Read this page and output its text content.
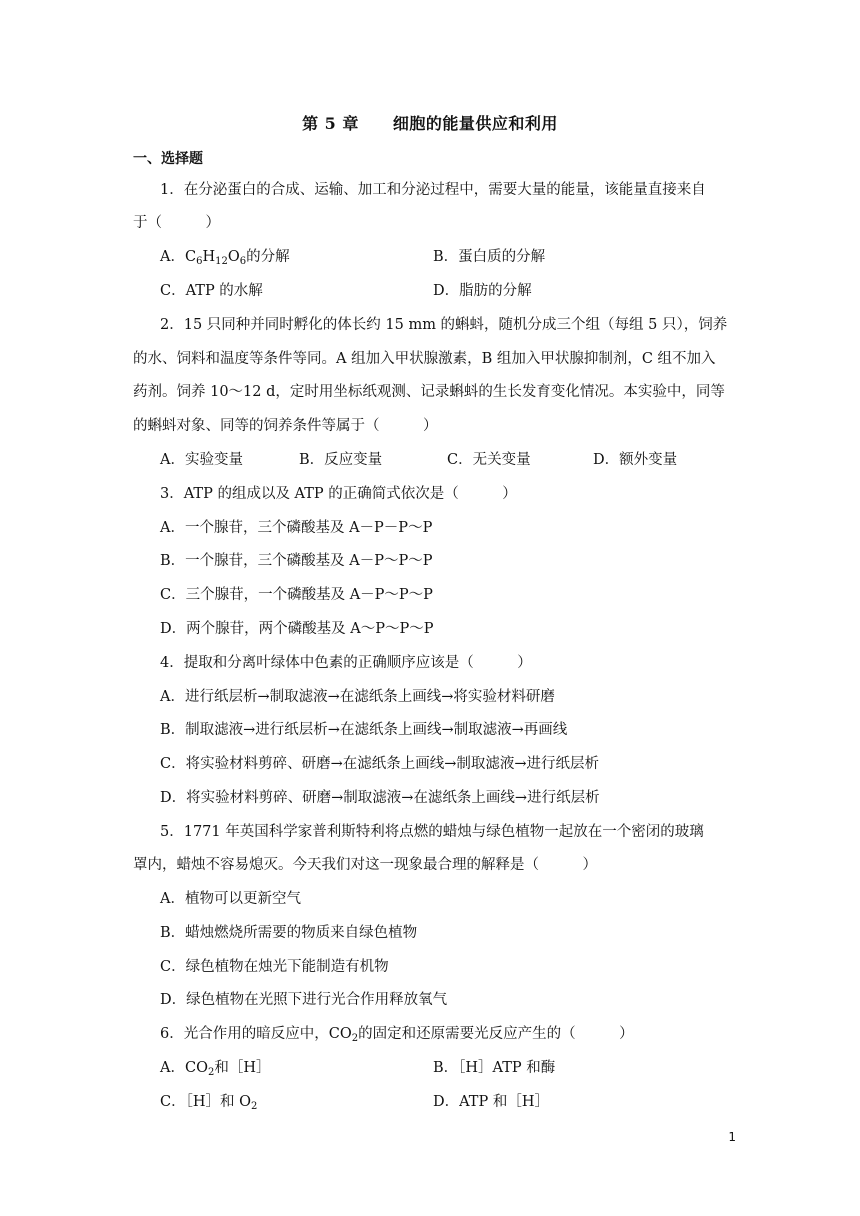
第 5 章 细胞的能量供应和利用
一、选择题
1．在分泌蛋白的合成、运输、加工和分泌过程中，需要大量的能量，该能量直接来自
于（　　　）
A．$C_6H_{12}O_6$的分解	B．蛋白质的分解
C．ATP 的水解	D．脂肪的分解
2．15 只同种并同时孵化的体长约 15 mm 的蝌蚪，随机分成三个组（每组 5 只），饲养
的水、饲料和温度等条件等同。A 组加入甲状腺激素，B 组加入甲状腺抑制剂，C 组不加入
药剂。饲养 10～12 d，定时用坐标纸观测、记录蝌蚪的生长发育变化情况。本实验中，同等
的蝌蚪对象、同等的饲养条件等属于（　　　）
A．实验变量	B．反应变量	C．无关变量	D．额外变量
3．ATP 的组成以及 ATP 的正确简式依次是（　　　）
A．一个腺苷，三个磷酸基及 A－P－P～P
B．一个腺苷，三个磷酸基及 A－P～P～P
C．三个腺苷，一个磷酸基及 A－P～P～P
D．两个腺苷，两个磷酸基及 A～P～P～P
4．提取和分离叶绿体中色素的正确顺序应该是（　　　）
A．进行纸层析→制取滤液→在滤纸条上画线→将实验材料研磨
B．制取滤液→进行纸层析→在滤纸条上画线→制取滤液→再画线
C．将实验材料剪碎、研磨→在滤纸条上画线→制取滤液→进行纸层析
D．将实验材料剪碎、研磨→制取滤液→在滤纸条上画线→进行纸层析
5．1771 年英国科学家普利斯特利将点燃的蜡烛与绿色植物一起放在一个密闭的玻璃
罩内，蜡烛不容易熄灭。今天我们对这一现象最合理的解释是（　　　）
A．植物可以更新空气
B．蜡烛燃烧所需要的物质来自绿色植物
C．绿色植物在烛光下能制造有机物
D．绿色植物在光照下进行光合作用释放氧气
6．光合作用的暗反应中，$CO_2$的固定和还原需要光反应产生的（　　　）
A．$CO_2$和［H］	B．［H］ATP 和酶
C．［H］和 $O_2$	D．ATP 和［H］
1
